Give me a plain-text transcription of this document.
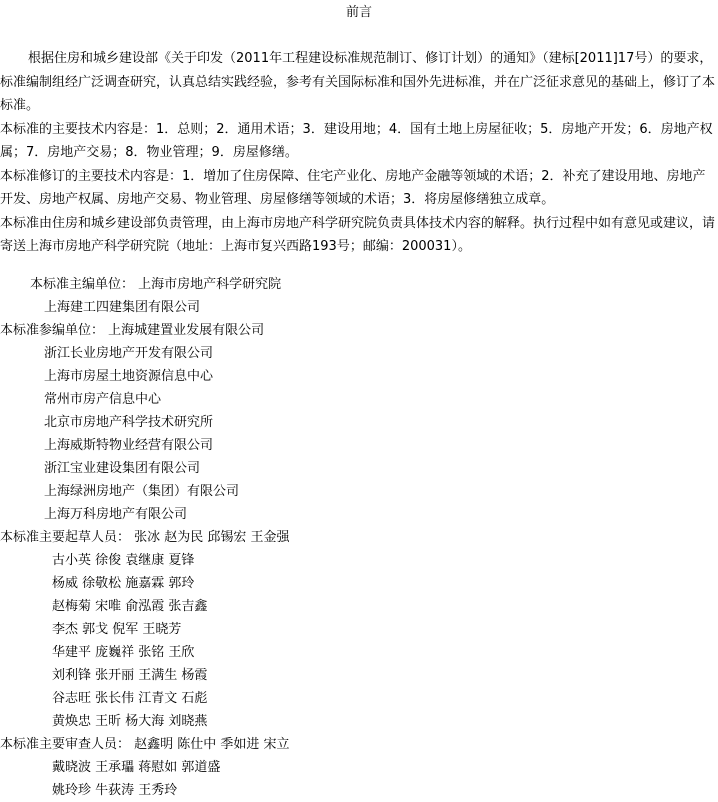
前言

根据住房和城乡建设部《关于印发（2011年工程建设标准规范制订、修订计划）的通知》（建标[2011]17号）的要求，标准编制组经广泛调查研究，认真总结实践经验，参考有关国际标准和国外先进标准，并在广泛征求意见的基础上，修订了本标准。

本标准的主要技术内容是：1．总则；2．通用术语；3．建设用地；4．国有土地上房屋征收；5．房地产开发；6．房地产权属；7．房地产交易；8．物业管理；9．房屋修缮。

本标准修订的主要技术内容是：1．增加了住房保障、住宅产业化、房地产金融等领域的术语；2．补充了建设用地、房地产开发、房地产权属、房地产交易、物业管理、房屋修缮等领域的术语；3．将房屋修缮独立成章。

本标准由住房和城乡建设部负责管理，由上海市房地产科学研究院负责具体技术内容的解释。执行过程中如有意见或建议，请寄送上海市房地产科学研究院（地址：上海市复兴西路193号；邮编：200031）。

本标准主编单位： 上海市房地产科学研究院
上海建工四建集团有限公司
本标准参编单位： 上海城建置业发展有限公司
浙江长业房地产开发有限公司
上海市房屋土地资源信息中心
常州市房产信息中心
北京市房地产科学技术研究所
上海威斯特物业经营有限公司
浙江宝业建设集团有限公司
上海绿洲房地产（集团）有限公司
上海万科房地产有限公司
本标准主要起草人员： 张冰 赵为民 邱锡宏 王金强
古小英 徐俊 袁继康 夏锋
杨威 徐敬松 施嘉霖 郭玲
赵梅菊 宋唯 俞泓霞 张吉鑫
李杰 郭戈 倪军 王晓芳
华建平 庞巍祥 张铭 王欣
刘利锋 张开丽 王满生 杨霞
谷志旺 张长伟 江青文 石彪
黄焕忠 王昕 杨大海 刘晓燕
本标准主要审查人员： 赵鑫明 陈仕中 季如进 宋立
戴晓波 王承瓃 蒋慰如 郭道盛
姚玲珍 牛荻涛 王秀玲
